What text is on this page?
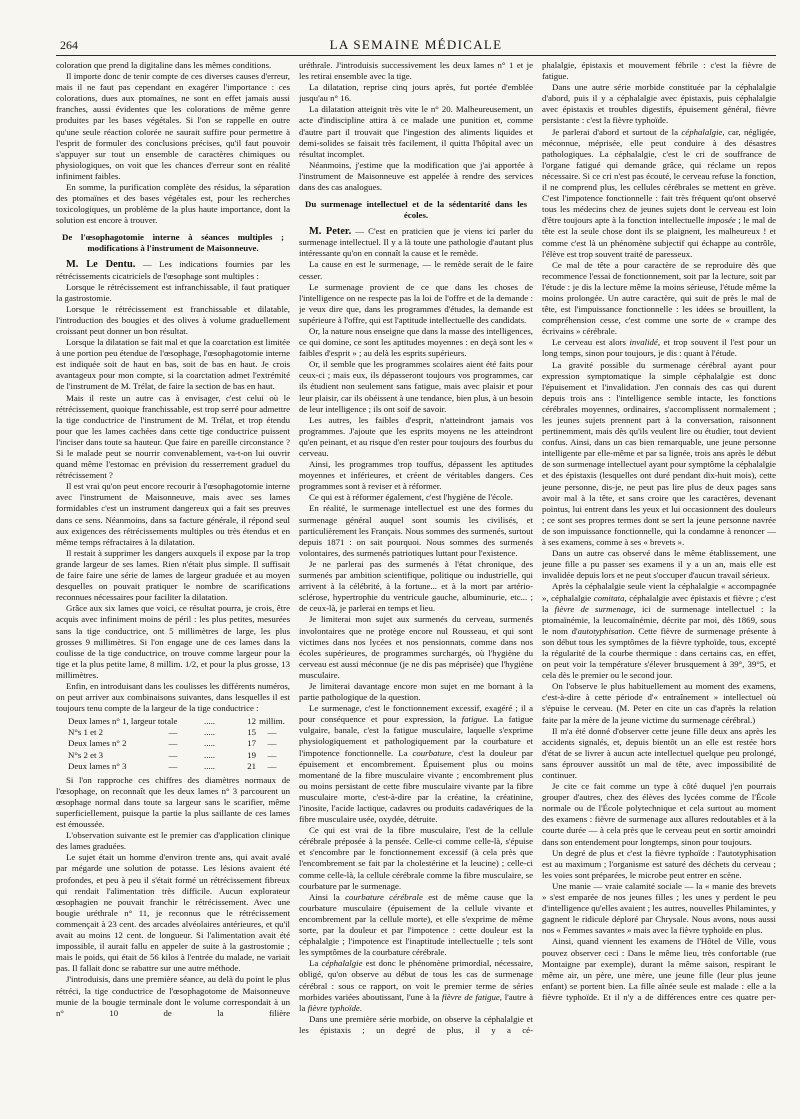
264	LA SEMAINE MÉDICALE

coloration que prend la digitaline dans les mêmes conditions.

Il importe donc de tenir compte de ces diverses causes d'erreur, mais il ne faut pas cependant en exagérer l'importance : ces colorations, dues aux ptomaïnes, ne sont en effet jamais aussi franches, aussi évidentes que les colorations de même genre produites par les bases végétales. Si l'on se rappelle en outre qu'une seule réaction colorée ne saurait suffire pour permettre à l'esprit de formuler des conclusions précises, qu'il faut pouvoir s'appuyer sur tout un ensemble de caractères chimiques ou physiologiques, on voit que les chances d'erreur sont en réalité infiniment faibles.

En somme, la purification complète des résidus, la séparation des ptomaïnes et des bases végétales est, pour les recherches toxicologiques, un problème de la plus haute importance, dont la solution est encore à trouver.

De l'œsophagotomie interne à séances multiples ; modifications à l'instrument de Maisonneuve.

M. Le Dentu. — Les indications fournies par les rétrécissements cicatriciels de l'œsophage sont multiples :

Lorsque le rétrécissement est infranchissable, il faut pratiquer la gastrostomie.

Lorsque le rétrécissement est franchissable et dilatable, l'introduction des bougies et des olives à volume graduellement croissant peut donner un bon résultat.

Lorsque la dilatation se fait mal et que la coarctation est limitée à une portion peu étendue de l'œsophage, l'œsophagotomie interne est indiquée soit de haut en bas, soit de bas en haut. Je crois avantageux pour mon compte, si la coarctation admet l'extrémité de l'instrument de M. Trélat, de faire la section de bas en haut.

Mais il reste un autre cas à envisager, c'est celui où le rétrécissement, quoique franchissable, est trop serré pour admettre la tige conductrice de l'instrument de M. Trélat, et trop étendu pour que les lames cachées dans cette tige conductrice puissent l'inciser dans toute sa hauteur. Que faire en pareille circonstance ? Si le malade peut se nourrir convenablement, va-t-on lui ouvrir quand même l'estomac en prévision du resserrement graduel du rétrécissement ?

Il est vrai qu'on peut encore recourir à l'œsophagotomie interne avec l'instrument de Maisonneuve, mais avec ses lames formidables c'est un instrument dangereux qui a fait ses preuves dans ce sens. Néanmoins, dans sa facture générale, il répond seul aux exigences des rétrécissements multiples ou très étendus et en même temps réfractaires à la dilatation.

Il restait à supprimer les dangers auxquels il expose par la trop grande largeur de ses lames. Rien n'était plus simple. Il suffisait de faire faire une série de lames de largeur graduée et au moyen desquelles on pouvait pratiquer le nombre de scarifications reconnues nécessaires pour faciliter la dilatation.

Grâce aux six lames que voici, ce résultat pourra, je crois, être acquis avec infiniment moins de péril : les plus petites, mesurées sans la tige conductrice, ont 5 millimètres de large, les plus grosses 9 millimètres. Si l'on engage une de ces lames dans la coulisse de la tige conductrice, on trouve comme largeur pour la tige et la plus petite lame, 8 millim. 1/2, et pour la plus grosse, 13 millimètres.

Enfin, en introduisant dans les coulisses les différents numéros, on peut arriver aux combinaisons suivantes, dans lesquelles il est toujours tenu compte de la largeur de la tige conductrice :

Deux lames n° 1, largeur totale	.....	12 millim.
N°s 1 et 2	—	.....	15	—
Deux lames n° 2	—	.....	17	—
N°s 2 et 3	—	.....	19	—
Deux lames n° 3	—	.....	21	—

Si l'on rapproche ces chiffres des diamètres normaux de l'œsophage, on reconnaît que les deux lames n° 3 parcourent un œsophage normal dans toute sa largeur sans le scarifier, même superficiellement, puisque la partie la plus saillante de ces lames est émoussée.

L'observation suivante est le premier cas d'application clinique des lames graduées.

Le sujet était un homme d'environ trente ans, qui avait avalé par mégarde une solution de potasse. Les lésions avaient été profondes, et peu à peu il s'était formé un rétrécissement fibreux qui rendait l'alimentation très difficile. Aucun explorateur œsophagien ne pouvait franchir le rétrécissement. Avec une bougie uréthrale n° 11, je reconnus que le rétrécissement commençait à 23 cent. des arcades alvéolaires antérieures, et qu'il avait au moins 12 cent. de longueur. Si l'alimentation avait été impossible, il aurait fallu en appeler de suite à la gastrostomie ; mais le poids, qui était de 56 kilos à l'entrée du malade, ne variait pas. Il fallait donc se rabattre sur une autre méthode.

J'introduisis, dans une première séance, au delà du point le plus rétréci, la tige conductrice de l'œsophagotome de Maisonneuve munie de la bougie terminale dont le volume correspondait à un n° 10 de la filière

uréthrale. J'introduisis successivement les deux lames n° 1 et je les retirai ensemble avec la tige.

La dilatation, reprise cinq jours après, fut portée d'emblée jusqu'au n° 16.

La dilatation atteignit très vite le n° 20. Malheureusement, un acte d'indiscipline attira à ce malade une punition et, comme d'autre part il trouvait que l'ingestion des aliments liquides et demi-solides se faisait très facilement, il quitta l'hôpital avec un résultat incomplet.

Néanmoins, j'estime que la modification que j'ai apportée à l'instrument de Maisonneuve est appelée à rendre des services dans des cas analogues.

Du surmenage intellectuel et de la sédentarité dans les écoles.

M. Peter. — C'est en praticien que je viens ici parler du surmenage intellectuel. Il y a là toute une pathologie d'autant plus intéressante qu'on en connaît la cause et le remède.

La cause en est le surmenage, — le remède serait de le faire cesser.

Le surmenage provient de ce que dans les choses de l'intelligence on ne respecte pas la loi de l'offre et de la demande : je veux dire que, dans les programmes d'études, la demande est supérieure à l'offre, qui est l'aptitude intellectuelle des candidats.

Or, la nature nous enseigne que dans la masse des intelligences, ce qui domine, ce sont les aptitudes moyennes : en deçà sont les « faibles d'esprit » ; au delà les esprits supérieurs.

Or, il semble que les programmes scolaires aient été faits pour ceux-ci ; mais eux, ils dépasseront toujours vos programmes, car ils étudient non seulement sans fatigue, mais avec plaisir et pour leur plaisir, car ils obéissent à une tendance, bien plus, à un besoin de leur intelligence ; ils ont soif de savoir.

Les autres, les faibles d'esprit, n'atteindront jamais vos programmes. J'ajoute que les esprits moyens ne les atteindront qu'en peinant, et au risque d'en rester pour toujours des fourbus du cerveau.

Ainsi, les programmes trop touffus, dépassent les aptitudes moyennes et inférieures, et créent de véritables dangers. Ces programmes sont à reviser et à réformer.

Ce qui est à réformer également, c'est l'hygiène de l'école.

En réalité, le surmenage intellectuel est une des formes du surmenage général auquel sont soumis les civilisés, et particulièrement les Français. Nous sommes des surmenés, surtout depuis 1871 : on sait pourquoi. Nous sommes des surmenés volontaires, des surmenés patriotiques luttant pour l'existence.

Je ne parlerai pas des surmenés à l'état chronique, des surmenés par ambition scientifique, politique ou industrielle, qui arrivent à la célébrité, à la fortune... et à la mort par artério-sclérose, hypertrophie du ventricule gauche, albuminurie, etc... ; de ceux-là, je parlerai en temps et lieu.

Je limiterai mon sujet aux surmenés du cerveau, surmenés involontaires que ne protège encore nul Rousseau, et qui sont victimes dans nos lycées et nos pensionnats, comme dans nos écoles supérieures, de programmes surchargés, où l'hygiène du cerveau est aussi méconnue (je ne dis pas méprisée) que l'hygiène musculaire.

Je limiterai davantage encore mon sujet en me bornant à la partie pathologique de la question.

Le surmenage, c'est le fonctionnement excessif, exagéré ; il a pour conséquence et pour expression, la fatigue. La fatigue vulgaire, banale, c'est la fatigue musculaire, laquelle s'exprime physiologiquement et pathologiquement par la courbature et l'impotence fonctionnelle. La courbature, c'est la douleur par épuisement et encombrement. Épuisement plus ou moins momentané de la fibre musculaire vivante ; encombrement plus ou moins persistant de cette fibre musculaire vivante par la fibre musculaire morte, c'est-à-dire par la créatine, la créatinine, l'inosite, l'acide lactique, cadavres ou produits cadavériques de la fibre musculaire usée, oxydée, détruite.

Ce qui est vrai de la fibre musculaire, l'est de la cellule cérébrale préposée à la pensée. Celle-ci comme celle-là, s'épuise et s'encombre par le fonctionnement excessif (à cela près que l'encombrement se fait par la cholestérine et la leucine) ; celle-ci comme celle-là, la cellule cérébrale comme la fibre musculaire, se courbature par le surmenage.

Ainsi la courbature cérébrale est de même cause que la courbature musculaire (épuisement de la cellule vivante et encombrement par la cellule morte), et elle s'exprime de même sorte, par la douleur et par l'impotence : cette douleur est la céphalalgie ; l'impotence est l'inaptitude intellectuelle ; tels sont les symptômes de la courbature cérébrale.

La céphalalgie est donc le phénomène primordial, nécessaire, obligé, qu'on observe au début de tous les cas de surmenage cérébral : sous ce rapport, on voit le premier terme de séries morbides variées aboutissant, l'une à la fièvre de fatigue, l'autre à la fièvre typhoïde.

Dans une première série morbide, on observe la céphalalgie et les épistaxis ; un degré de plus, il y a cé-

phalalgie, épistaxis et mouvement fébrile : c'est la fièvre de fatigue.

Dans une autre série morbide constituée par la céphalalgie d'abord, puis il y a céphalalgie avec épistaxis, puis céphalalgie avec épistaxis et troubles digestifs, épuisement général, fièvre persistante : c'est la fièvre typhoïde.

Je parlerai d'abord et surtout de la céphalalgie, car, négligée, méconnue, méprisée, elle peut conduire à des désastres pathologiques. La céphalalgie, c'est le cri de souffrance de l'organe fatigué qui demande grâce, qui réclame un repos nécessaire. Si ce cri n'est pas écouté, le cerveau refuse la fonction, il ne comprend plus, les cellules cérébrales se mettent en grève. C'est l'impotence fonctionnelle : fait très fréquent qu'ont observé tous les médecins chez de jeunes sujets dont le cerveau est loin d'être toujours apte à la fonction intellectuelle imposée ; le mal de tête est la seule chose dont ils se plaignent, les malheureux ! et comme c'est là un phénomène subjectif qui échappe au contrôle, l'élève est trop souvent traité de paresseux.

Ce mal de tête a pour caractère de se reproduire dès que recommence l'essai de fonctionnement, soit par la lecture, soit par l'étude : je dis la lecture même la moins sérieuse, l'étude même la moins prolongée. Un autre caractère, qui suit de près le mal de tête, est l'impuissance fonctionnelle : les idées se brouillent, la compréhension cesse, c'est comme une sorte de « crampe des écrivains » cérébrale.

Le cerveau est alors invalidé, et trop souvent il l'est pour un long temps, sinon pour toujours, je dis : quant à l'étude.

La gravité possible du surmenage cérébral ayant pour expression symptomatique la simple céphalalgie est donc l'épuisement et l'invalidation. J'en connais des cas qui durent depuis trois ans : l'intelligence semble intacte, les fonctions cérébrales moyennes, ordinaires, s'accomplissent normalement ; les jeunes sujets prennent part à la conversation, raisonnent pertinemment, mais dès qu'ils veulent lire ou étudier, tout devient confus. Ainsi, dans un cas bien remarquable, une jeune personne intelligente par elle-même et par sa lignée, trois ans après le début de son surmenage intellectuel ayant pour symptôme la céphalalgie et des épistaxis (lesquelles ont duré pendant dix-huit mois), cette jeune personne, dis-je, ne peut pas lire plus de deux pages sans avoir mal à la tête, et sans croire que les caractères, devenant pointus, lui entrent dans les yeux et lui occasionnent des douleurs ; ce sont ses propres termes dont se sert la jeune personne navrée de son impuissance fonctionnelle, qui la condamne à renoncer — à ses examens, comme à ses « brevets ».

Dans un autre cas observé dans le même établissement, une jeune fille a pu passer ses examens il y a un an, mais elle est invalidée depuis lors et ne peut s'occuper d'aucun travail sérieux.

Après la céphalalgie seule vient la céphalalgie « accompagnée », céphalalgie comitata, céphalalgie avec épistaxis et fièvre ; c'est la fièvre de surmenage, ici de surmenage intellectuel : la ptomaïnémie, la leucomaïnémie, décrite par moi, dès 1869, sous le nom d'autotyphisation. Cette fièvre de surmenage présente à son début tous les symptômes de la fièvre typhoïde, tous, excepté la régularité de la courbe thermique : dans certains cas, en effet, on peut voir la température s'élever brusquement à 39°, 39°5, et cela dès le premier ou le second jour.

On l'observe le plus habituellement au moment des examens, c'est-à-dire à cette période d'« entraînement » intellectuel où s'épuise le cerveau. (M. Peter en cite un cas d'après la relation faite par la mère de la jeune victime du surmenage cérébral.)

Il m'a été donné d'observer cette jeune fille deux ans après les accidents signalés, et, depuis bientôt un an elle est restée hors d'état de se livrer à aucun acte intellectuel quelque peu prolongé, sans éprouver aussitôt un mal de tête, avec impossibilité de continuer.

Je cite ce fait comme un type à côté duquel j'en pourrais grouper d'autres, chez des élèves des lycées comme de l'École normale ou de l'École polytechnique et cela surtout au moment des examens : fièvre de surmenage aux allures redoutables et à la courte durée — à cela près que le cerveau peut en sortir amoindri dans son entendement pour longtemps, sinon pour toujours.

Un degré de plus et c'est la fièvre typhoïde : l'autotyphisation est au maximum ; l'organisme est saturé des déchets du cerveau ; les voies sont préparées, le microbe peut entrer en scène.

Une manie — vraie calamité sociale — la « manie des brevets » s'est emparée de nos jeunes filles ; les unes y perdent le peu d'intelligence qu'elles avaient ; les autres, nouvelles Philamintes, y gagnent le ridicule déploré par Chrysale. Nous avons, nous aussi nos « Femmes savantes » mais avec la fièvre typhoïde en plus.

Ainsi, quand viennent les examens de l'Hôtel de Ville, vous pouvez observer ceci : Dans le même lieu, très confortable (rue Montaigne par exemple), durant la même saison, respirant le même air, un père, une mère, une jeune fille (leur plus jeune enfant) se portent bien. La fille aînée seule est malade : elle a la fièvre typhoïde. Et il n'y a de différences entre ces quatre per-
